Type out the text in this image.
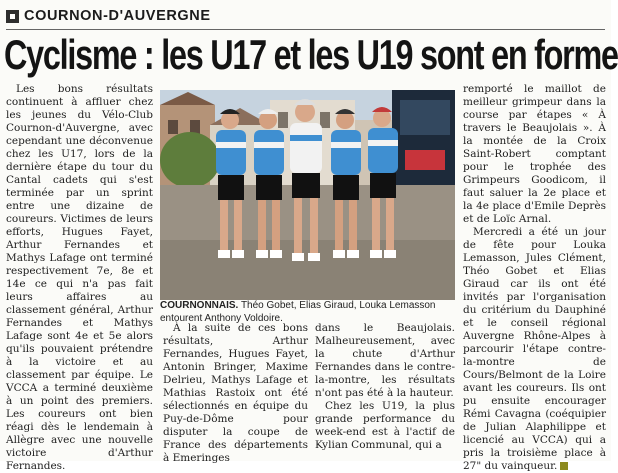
COURNON-D'AUVERGNE
Cyclisme : les U17 et les U19 sont en forme

Les bons résultats continuent à affluer chez les jeunes du Vélo-Club Cournon-d'Auvergne, avec cependant une déconvenue chez les U17, lors de la dernière étape du tour du Cantal cadets qui s'est terminée par un sprint entre une dizaine de coureurs. Victimes de leurs efforts, Hugues Fayet, Arthur Fernandes et Mathys Lafage ont terminé respectivement 7e, 8e et 14e ce qui n'a pas fait leurs affaires au classement général, Arthur Fernandes et Mathys Lafage sont 4e et 5e alors qu'ils pouvaient prétendre à la victoire et au classement par équipe. Le VCCA a terminé deuxième à un point des premiers. Les coureurs ont bien réagi dès le lendemain à Allègre avec une nouvelle victoire d'Arthur Fernandes.

COURNONNAIS. Théo Gobet, Elias Giraud, Louka Lemasson entourent Anthony Voldoire.

À la suite de ces bons résultats, Arthur Fernandes, Hugues Fayet, Antonin Bringer, Maxime Delrieu, Mathys Lafage et Mathias Rastoix ont été sélectionnés en équipe du Puy-de-Dôme pour disputer la coupe de France des départements à Emeringes

dans le Beaujolais. Malheureusement, avec la chute d'Arthur Fernandes dans le contre-la-montre, les résultats n'ont pas été à la hauteur.

Chez les U19, la plus grande performance du week-end est à l'actif de Kylian Communal, qui a

remporté le maillot de meilleur grimpeur dans la course par étapes « À travers le Beaujolais ». À la montée de la Croix Saint-Robert comptant pour le trophée des Grimpeurs Goodicom, il faut saluer la 2e place et la 4e place d'Emile Deprès et de Loïc Arnal.

Mercredi a été un jour de fête pour Louka Lemasson, Jules Clément, Théo Gobet et Elias Giraud car ils ont été invités par l'organisation du critérium du Dauphiné et le conseil régional Auvergne Rhône-Alpes à parcourir l'étape contre-la-montre de Cours/Belmont de la Loire avant les coureurs. Ils ont pu ensuite encourager Rémi Cavagna (coéquipier de Julian Alaphilippe et licencié au VCCA) qui a pris la troisième place à 27" du vainqueur.
